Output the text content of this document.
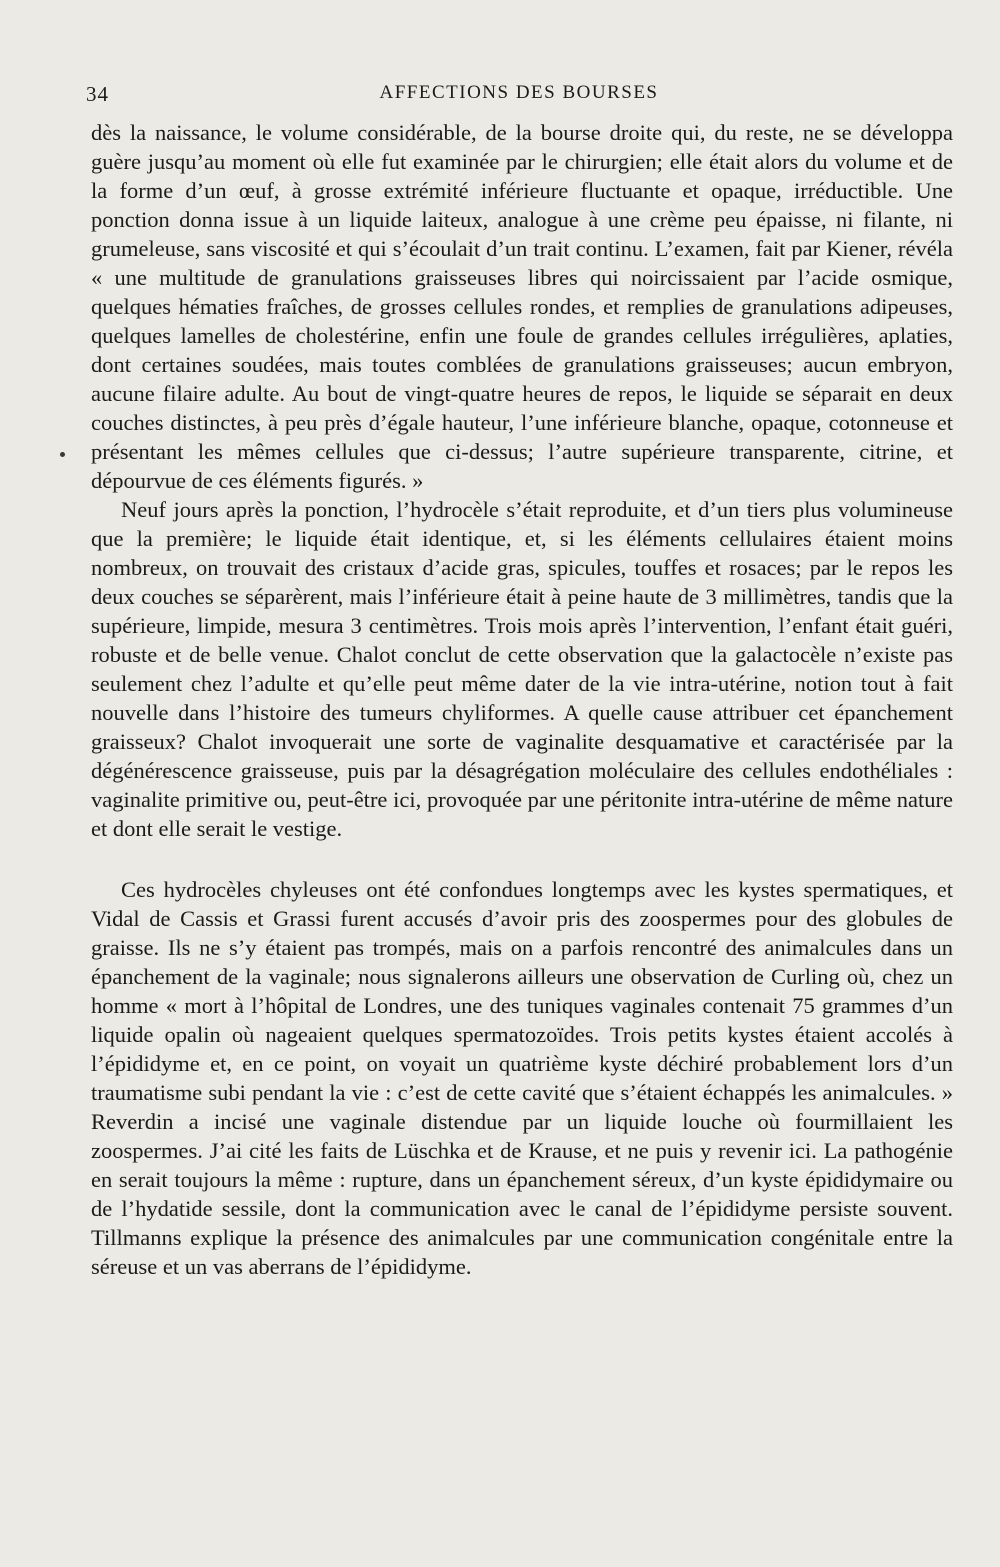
34	AFFECTIONS DES BOURSES

dès la naissance, le volume considérable, de la bourse droite qui, du reste, ne se développa guère jusqu’au moment où elle fut examinée par le chirurgien; elle était alors du volume et de la forme d’un œuf, à grosse extrémité inférieure fluctuante et opaque, irréductible. Une ponction donna issue à un liquide laiteux, analogue à une crème peu épaisse, ni filante, ni grumeleuse, sans viscosité et qui s’écoulait d’un trait continu. L’examen, fait par Kiener, révéla « une multitude de granulations graisseuses libres qui noircissaient par l’acide osmique, quelques hématies fraîches, de grosses cellules rondes, et remplies de granulations adipeuses, quelques lamelles de cholestérine, enfin une foule de grandes cellules irrégulières, aplaties, dont certaines soudées, mais toutes comblées de granulations graisseuses; aucun embryon, aucune filaire adulte. Au bout de vingt-quatre heures de repos, le liquide se séparait en deux couches distinctes, à peu près d’égale hauteur, l’une inférieure blanche, opaque, cotonneuse et présentant les mêmes cellules que ci-dessus; l’autre supérieure transparente, citrine, et dépourvue de ces éléments figurés. »

Neuf jours après la ponction, l’hydrocèle s’était reproduite, et d’un tiers plus volumineuse que la première; le liquide était identique, et, si les éléments cellulaires étaient moins nombreux, on trouvait des cristaux d’acide gras, spicules, touffes et rosaces; par le repos les deux couches se séparèrent, mais l’inférieure était à peine haute de 3 millimètres, tandis que la supérieure, limpide, mesura 3 centimètres. Trois mois après l’intervention, l’enfant était guéri, robuste et de belle venue. Chalot conclut de cette observation que la galactocèle n’existe pas seulement chez l’adulte et qu’elle peut même dater de la vie intra-utérine, notion tout à fait nouvelle dans l’histoire des tumeurs chyliformes. A quelle cause attribuer cet épanchement graisseux? Chalot invoquerait une sorte de vaginalite desquamative et caractérisée par la dégénérescence graisseuse, puis par la désagrégation moléculaire des cellules endothéliales : vaginalite primitive ou, peut-être ici, provoquée par une péritonite intra-utérine de même nature et dont elle serait le vestige.

Ces hydrocèles chyleuses ont été confondues longtemps avec les kystes spermatiques, et Vidal de Cassis et Grassi furent accusés d’avoir pris des zoospermes pour des globules de graisse. Ils ne s’y étaient pas trompés, mais on a parfois rencontré des animalcules dans un épanchement de la vaginale; nous signalerons ailleurs une observation de Curling où, chez un homme « mort à l’hôpital de Londres, une des tuniques vaginales contenait 75 grammes d’un liquide opalin où nageaient quelques spermatozoïdes. Trois petits kystes étaient accolés à l’épididyme et, en ce point, on voyait un quatrième kyste déchiré probablement lors d’un traumatisme subi pendant la vie : c’est de cette cavité que s’étaient échappés les animalcules. » Reverdin a incisé une vaginale distendue par un liquide louche où fourmillaient les zoospermes. J’ai cité les faits de Lüschka et de Krause, et ne puis y revenir ici. La pathogénie en serait toujours la même : rupture, dans un épanchement séreux, d’un kyste épididymaire ou de l’hydatide sessile, dont la communication avec le canal de l’épididyme persiste souvent. Tillmanns explique la présence des animalcules par une communication congénitale entre la séreuse et un vas aberrans de l’épididyme.
